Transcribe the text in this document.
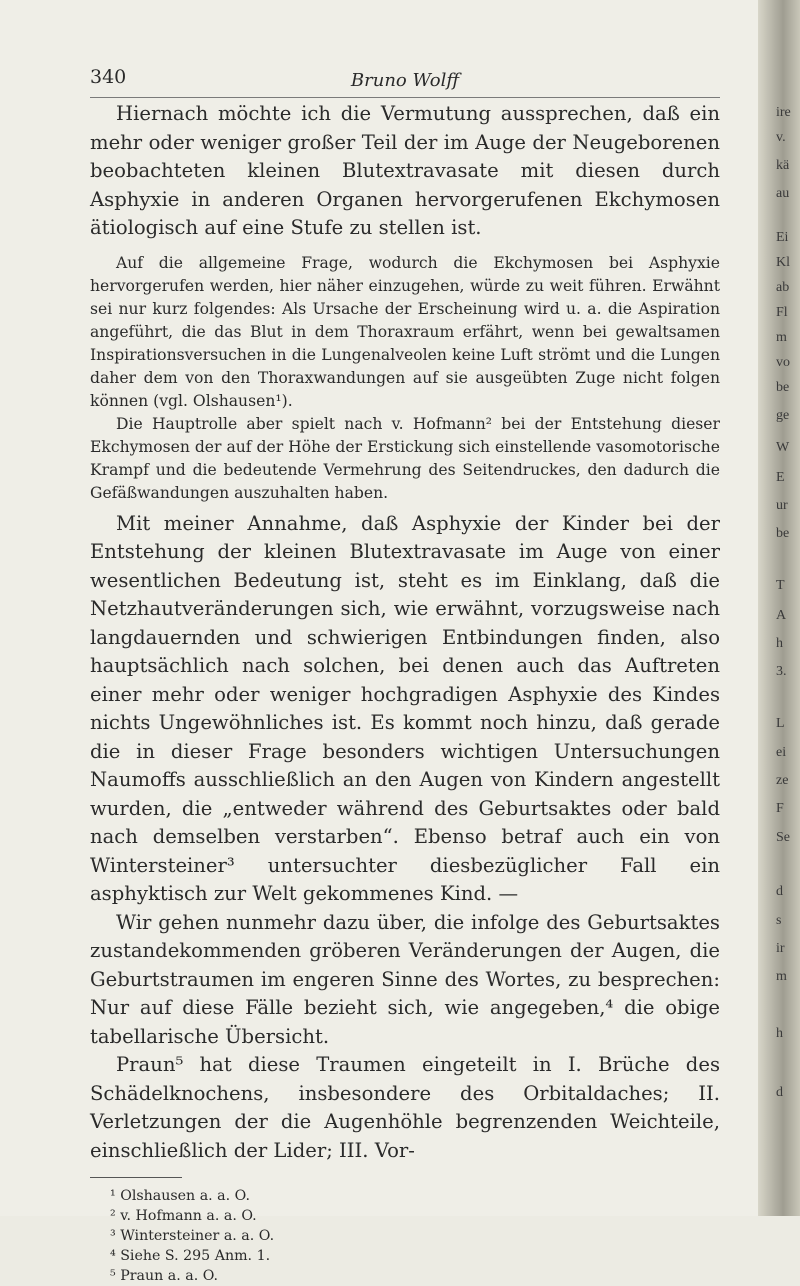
340	Bruno Wolff

Hiernach möchte ich die Vermutung aussprechen, daß ein mehr oder weniger großer Teil der im Auge der Neugeborenen beobachteten kleinen Blutextravasate mit diesen durch Asphyxie in anderen Organen hervorgerufenen Ekchymosen ätiologisch auf eine Stufe zu stellen ist.

Auf die allgemeine Frage, wodurch die Ekchymosen bei Asphyxie hervorgerufen werden, hier näher einzugehen, würde zu weit führen. Erwähnt sei nur kurz folgendes: Als Ursache der Erscheinung wird u. a. die Aspiration angeführt, die das Blut in dem Thoraxraum erfährt, wenn bei gewaltsamen Inspirationsversuchen in die Lungenalveolen keine Luft strömt und die Lungen daher dem von den Thoraxwandungen auf sie ausgeübten Zuge nicht folgen können (vgl. Olshausen¹).

Die Hauptrolle aber spielt nach v. Hofmann² bei der Entstehung dieser Ekchymosen der auf der Höhe der Erstickung sich einstellende vasomotorische Krampf und die bedeutende Vermehrung des Seitendruckes, den dadurch die Gefäßwandungen auszuhalten haben.

Mit meiner Annahme, daß Asphyxie der Kinder bei der Entstehung der kleinen Blutextravasate im Auge von einer wesentlichen Bedeutung ist, steht es im Einklang, daß die Netzhautveränderungen sich, wie erwähnt, vorzugsweise nach langdauernden und schwierigen Entbindungen finden, also hauptsächlich nach solchen, bei denen auch das Auftreten einer mehr oder weniger hochgradigen Asphyxie des Kindes nichts Ungewöhnliches ist. Es kommt noch hinzu, daß gerade die in dieser Frage besonders wichtigen Untersuchungen Naumoffs ausschließlich an den Augen von Kindern angestellt wurden, die „entweder während des Geburtsaktes oder bald nach demselben verstarben“. Ebenso betraf auch ein von Wintersteiner³ untersuchter diesbezüglicher Fall ein asphyktisch zur Welt gekommenes Kind. —

Wir gehen nunmehr dazu über, die infolge des Geburtsaktes zustandekommenden gröberen Veränderungen der Augen, die Geburtstraumen im engeren Sinne des Wortes, zu besprechen: Nur auf diese Fälle bezieht sich, wie angegeben,⁴ die obige tabellarische Übersicht.

Praun⁵ hat diese Traumen eingeteilt in I. Brüche des Schädelknochens, insbesondere des Orbitaldaches; II. Verletzungen der die Augenhöhle begrenzenden Weichteile, einschließlich der Lider; III. Vor-

¹ Olshausen a. a. O.

² v. Hofmann a. a. O.

³ Wintersteiner a. a. O.

⁴ Siehe S. 295 Anm. 1.

⁵ Praun a. a. O.

ire
v.
kä
au
Ei
Kl
ab
Fl
m
vo
be
ge
W
E
ur
be
T
A
h
3.
L
ei
ze
F
Se
d
s
ir
m
h
d
